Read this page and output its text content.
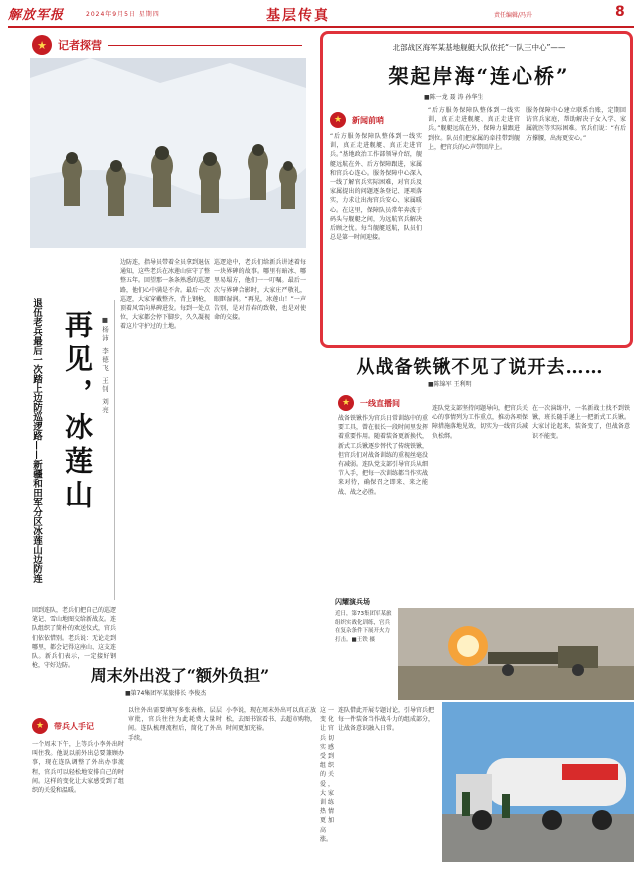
解放军报	2024年9月5日 星期四	基层传真	责任编辑/冯升	8
★	记者探营
退伍老兵最后一次踏上边防巡逻路——新疆和田军分区冰莲山边防连 再见，冰莲山 ■杨沛 李德飞 王钊 刘亮
边防连，指导员带着全员拿到退伍通知，这些老兵在冰莲山驻守了整整五年。回望那一条条熟悉的巡逻路，他们心中满是不舍。最后一次巡逻，大家穿戴整齐，背上钢枪，顶着风雪向界碑进发。每到一处点位，大家都会停下脚步，久久凝视着这片守护过的土地。
巡逻途中，老兵们给新兵讲述着每一块界碑的故事。哪里有暗冰、哪里易塌方，他们一一叮嘱。最后一次与界碑合影时，大家庄严敬礼，眼眶湿润。“再见，冰莲山！”一声告别，是对青春的致敬，也是对使命的交接。
回到连队，老兵们把自己的巡逻笔记、雪山地图交给新战友。连队组织了简朴的欢送仪式，官兵们依依惜别。老兵说：无论走到哪里，都会记得这座山、这支连队。新兵们表示，一定接好钢枪，守好边防。
北部战区海军某基地舰艇大队依托“一队三中心”——
架起岸海“连心桥”
■陈一龙 聂 涛 孙华生
★	新闻前哨
“后方服务保障队整体到一线实训，真正走进舰艇、真正走进官兵。”基地政治工作部领导介绍，舰艇远航在外、后方保障跟进，家属和官兵心连心。服务保障中心深入一线了解官兵实际困难，对官兵及家属提出的问题逐条登记、逐项落实，力求让出海官兵安心、家属暖心。在这里，保障队员常年奔波于码头与舰艇之间，为远航官兵解决后顾之忧。每当舰艇返航，队员们总是第一时间迎接。
“后方服务保障队整体到一线实训，真正走进舰艇、真正走进官兵。”舰艇远航在外，保障力量跟进到位。队员们把家属的牵挂带到舰上，把官兵的心声带回岸上。
服务保障中心建立联系台账，定期回访官兵家庭，帮助解决子女入学、家属就医等实际困难。官兵们说：“有后方撑腰，出海更安心。”
从战备铁锹不见了说开去……
■陈锦军 王利明
★	一线直播间
战备铁锹作为官兵日常训练中的重要工具，曾在很长一段时间里发挥着重要作用。随着装备更新换代，新式工兵锹逐步替代了传统铁锹，但官兵们对战备训练的重视丝毫没有减弱。连队党支部引导官兵从细节入手，把每一次训练都当作实战来对待，确保召之即来、来之能战、战之必胜。
连队党支部坚持问题导向，把官兵关心的事情列为工作重点，推动各项保障措施落地见效，切实为一线官兵减负松绑。
在一次演练中，一名新战士找不到铁锹，班长随手递上一把新式工兵锹。大家讨论起来，装备变了，但战备意识不能变。
闪耀演兵场
近日，第73集团军某旅组织实战化训练，官兵在复杂条件下展开火力打击。■王铁 摄
连队借此开展专题讨论，引导官兵把每一件装备当作战斗力的组成部分，让战备意识融入日常。
周末外出没了“额外负担”
■第74集团军某旅排长 李俊杰
★	带兵人手记
一个周末下午，上等兵小李外出时叫住我。他说以前外出总要兼顾办事，现在连队调整了外出办事流程，官兵可以轻松地安排自己的时间。这样的变化让大家感受到了组织的关爱和温暖。
以往外出需要填写多张表格、层层审批，官兵往往为此耗费大量时间。连队梳理流程后，简化了外出手续。
小李说，现在周末外出可以真正放松，去图书馆看书、去超市购物，时间更加充裕。
这一变化让官兵切实感受到组织的关爱，大家训练热情更加高涨。
